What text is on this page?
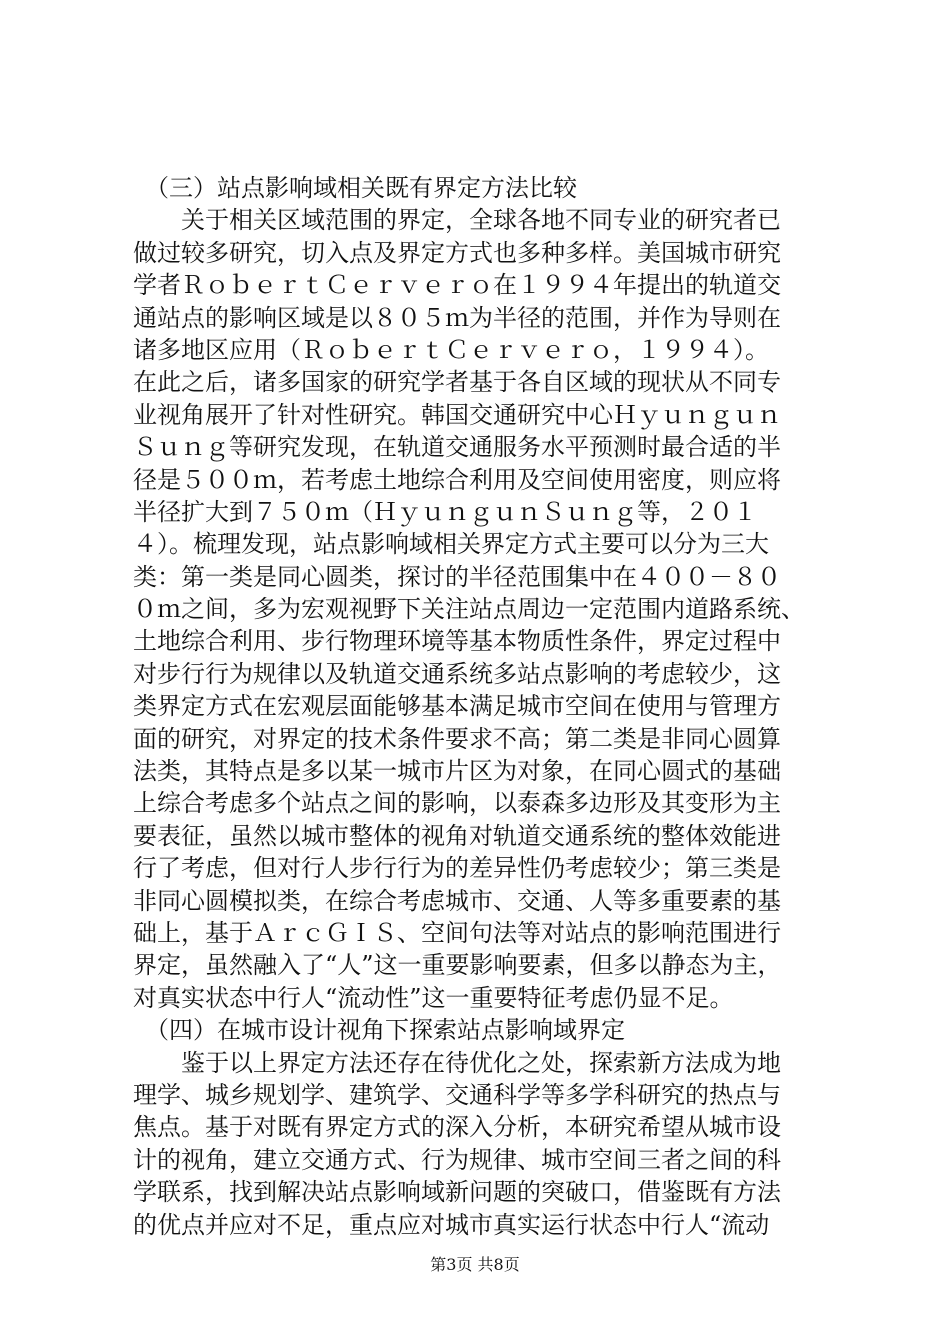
　（三）站点影响域相关既有界定方法比较
　　关于相关区域范围的界定，全球各地不同专业的研究者已
做过较多研究，切入点及界定方式也多种多样。美国城市研究
学者ＲｏｂｅｒｔＣｅｒｖｅｒｏ在１９９４年提出的轨道交
通站点的影响区域是以８０５ｍ为半径的范围，并作为导则在
诸多地区应用（ＲｏｂｅｒｔＣｅｒｖｅｒｏ，１９９４）。
在此之后，诸多国家的研究学者基于各自区域的现状从不同专
业视角展开了针对性研究。韩国交通研究中心Ｈｙｕｎｇｕｎ
Ｓｕｎｇ等研究发现，在轨道交通服务水平预测时最合适的半
径是５００ｍ，若考虑土地综合利用及空间使用密度，则应将
半径扩大到７５０ｍ（ＨｙｕｎｇｕｎＳｕｎｇ等，２０１
４）。梳理发现，站点影响域相关界定方式主要可以分为三大
类：第一类是同心圆类，探讨的半径范围集中在４００－８０
０ｍ之间，多为宏观视野下关注站点周边一定范围内道路系统、
土地综合利用、步行物理环境等基本物质性条件，界定过程中
对步行行为规律以及轨道交通系统多站点影响的考虑较少，这
类界定方式在宏观层面能够基本满足城市空间在使用与管理方
面的研究，对界定的技术条件要求不高；第二类是非同心圆算
法类，其特点是多以某一城市片区为对象，在同心圆式的基础
上综合考虑多个站点之间的影响，以泰森多边形及其变形为主
要表征，虽然以城市整体的视角对轨道交通系统的整体效能进
行了考虑，但对行人步行行为的差异性仍考虑较少；第三类是
非同心圆模拟类，在综合考虑城市、交通、人等多重要素的基
础上，基于ＡｒｃＧＩＳ、空间句法等对站点的影响范围进行
界定，虽然融入了“人”这一重要影响要素，但多以静态为主，
对真实状态中行人“流动性”这一重要特征考虑仍显不足。
　（四）在城市设计视角下探索站点影响域界定
　　鉴于以上界定方法还存在待优化之处，探索新方法成为地
理学、城乡规划学、建筑学、交通科学等多学科研究的热点与
焦点。基于对既有界定方式的深入分析，本研究希望从城市设
计的视角，建立交通方式、行为规律、城市空间三者之间的科
学联系，找到解决站点影响域新问题的突破口，借鉴既有方法
的优点并应对不足，重点应对城市真实运行状态中行人“流动
第3页 共8页
